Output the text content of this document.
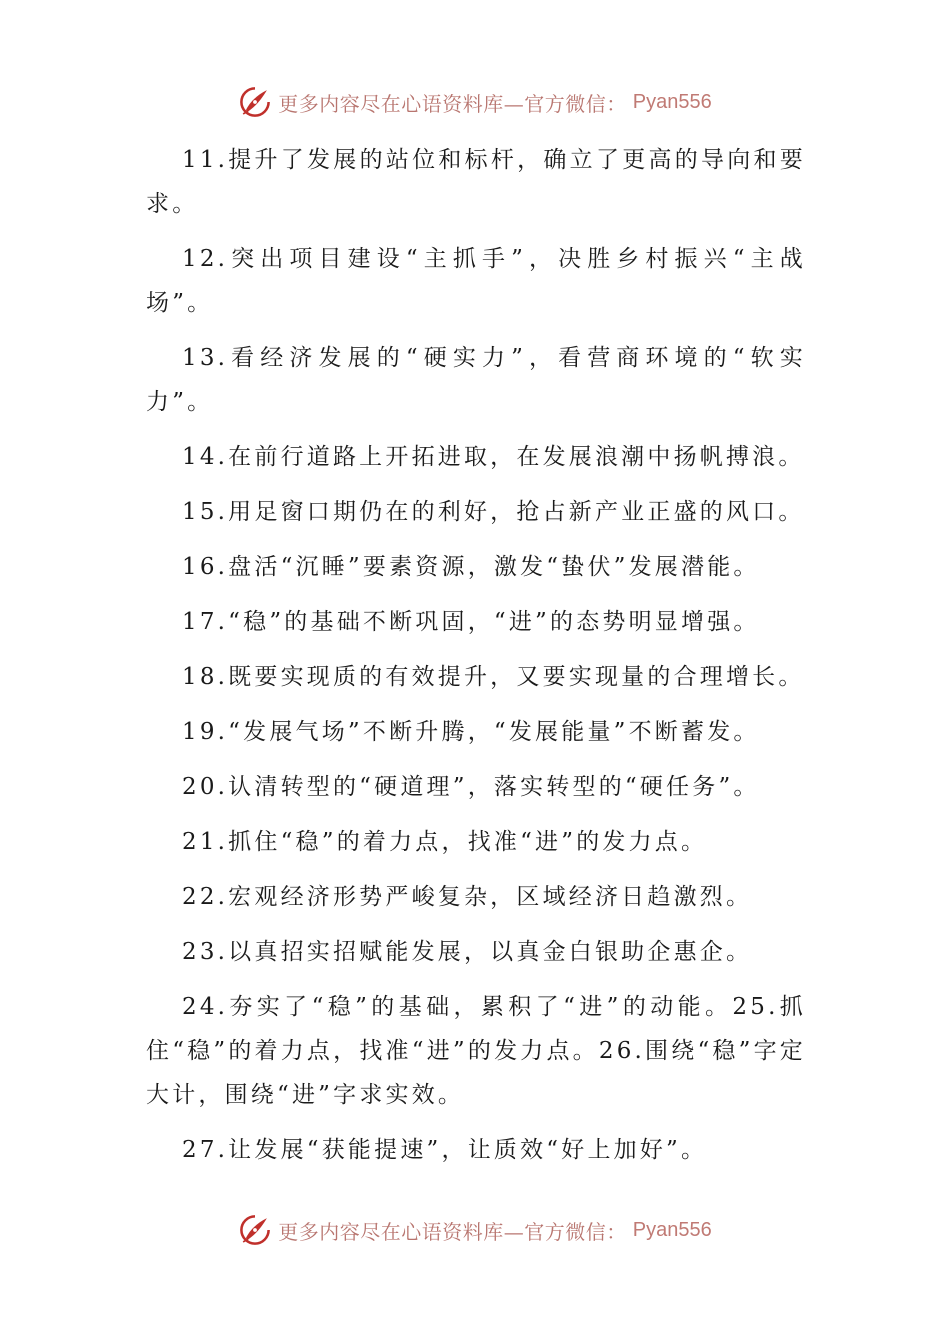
更多内容尽在心语资料库—官方微信： Pyan556

11.提升了发展的站位和标杆，确立了更高的导向和要求。

12.突出项目建设“主抓手”，决胜乡村振兴“主战场”。

13.看经济发展的“硬实力”，看营商环境的“软实力”。

14.在前行道路上开拓进取，在发展浪潮中扬帆搏浪。

15.用足窗口期仍在的利好，抢占新产业正盛的风口。

16.盘活“沉睡”要素资源，激发“蛰伏”发展潜能。

17.“稳”的基础不断巩固，“进”的态势明显增强。

18.既要实现质的有效提升，又要实现量的合理增长。

19.“发展气场”不断升腾，“发展能量”不断蓄发。

20.认清转型的“硬道理”，落实转型的“硬任务”。

21.抓住“稳”的着力点，找准“进”的发力点。

22.宏观经济形势严峻复杂，区域经济日趋激烈。

23.以真招实招赋能发展，以真金白银助企惠企。

24.夯实了“稳”的基础，累积了“进”的动能。25.抓住“稳”的着力点，找准“进”的发力点。26.围绕“稳”字定大计，围绕“进”字求实效。

27.让发展“获能提速”，让质效“好上加好”。

更多内容尽在心语资料库—官方微信： Pyan556
